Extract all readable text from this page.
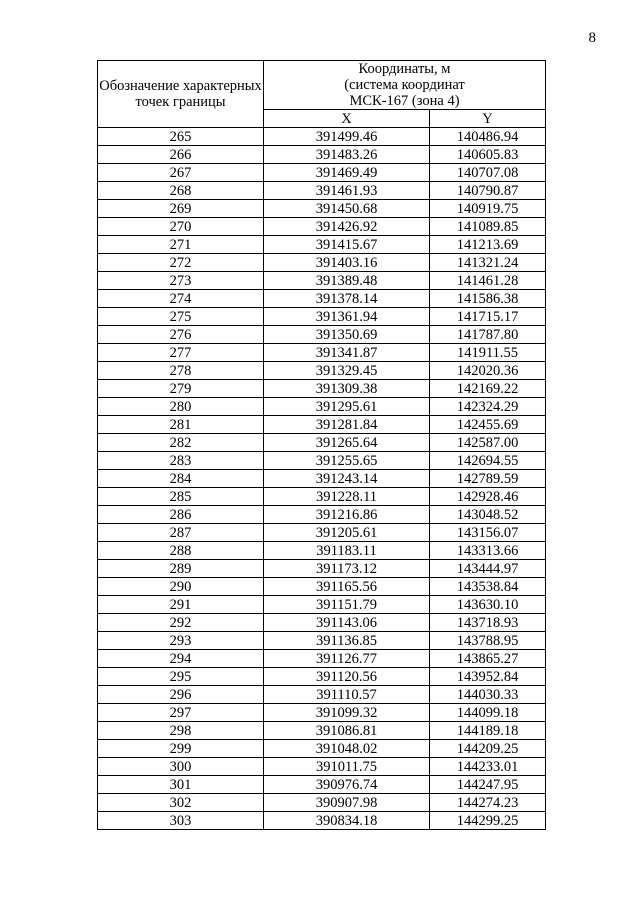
8
Обозначение характерных точек границы	Координаты, м
(система координат
МСК-167 (зона 4)	

	X	Y
265	391499.46	140486.94
266	391483.26	140605.83
267	391469.49	140707.08
268	391461.93	140790.87
269	391450.68	140919.75
270	391426.92	141089.85
271	391415.67	141213.69
272	391403.16	141321.24
273	391389.48	141461.28
274	391378.14	141586.38
275	391361.94	141715.17
276	391350.69	141787.80
277	391341.87	141911.55
278	391329.45	142020.36
279	391309.38	142169.22
280	391295.61	142324.29
281	391281.84	142455.69
282	391265.64	142587.00
283	391255.65	142694.55
284	391243.14	142789.59
285	391228.11	142928.46
286	391216.86	143048.52
287	391205.61	143156.07
288	391183.11	143313.66
289	391173.12	143444.97
290	391165.56	143538.84
291	391151.79	143630.10
292	391143.06	143718.93
293	391136.85	143788.95
294	391126.77	143865.27
295	391120.56	143952.84
296	391110.57	144030.33
297	391099.32	144099.18
298	391086.81	144189.18
299	391048.02	144209.25
300	391011.75	144233.01
301	390976.74	144247.95
302	390907.98	144274.23
303	390834.18	144299.25
